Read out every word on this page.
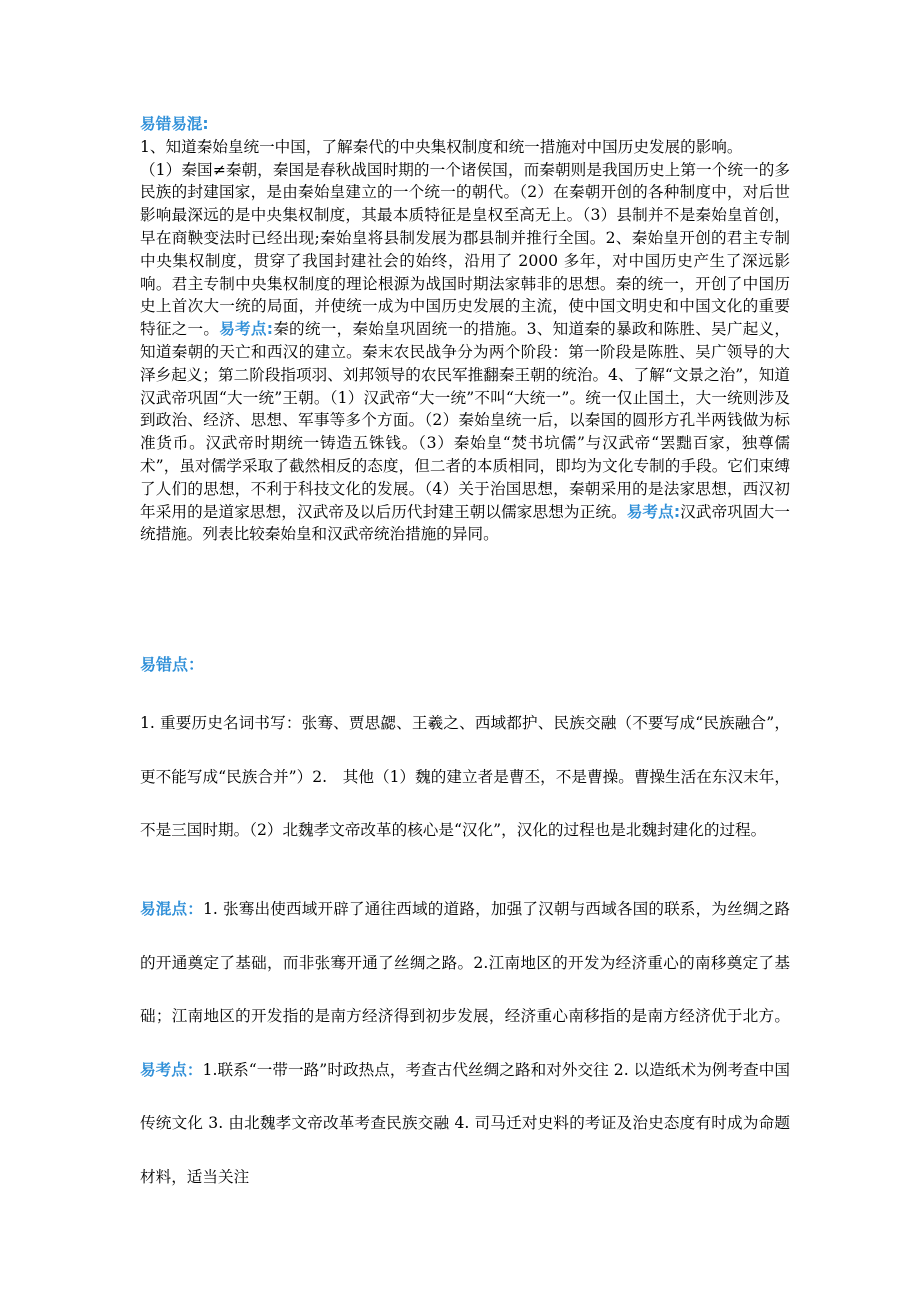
易错易混:

1、知道秦始皇统一中国，了解秦代的中央集权制度和统一措施对中国历史发展的影响。

（1）秦国≠秦朝，秦国是春秋战国时期的一个诸侯国，而秦朝则是我国历史上第一个统一的多民族的封建国家，是由秦始皇建立的一个统一的朝代。（2）在秦朝开创的各种制度中，对后世影响最深远的是中央集权制度，其最本质特征是皇权至高无上。（3）县制并不是秦始皇首创，早在商鞅变法时已经出现;秦始皇将县制发展为郡县制并推行全国。2、秦始皇开创的君主专制中央集权制度，贯穿了我国封建社会的始终，沿用了 2000 多年，对中国历史产生了深远影响。君主专制中央集权制度的理论根源为战国时期法家韩非的思想。秦的统一，开创了中国历史上首次大一统的局面，并使统一成为中国历史发展的主流，使中国文明史和中国文化的重要特征之一。易考点:秦的统一，秦始皇巩固统一的措施。3、知道秦的暴政和陈胜、吴广起义，知道秦朝的天亡和西汉的建立。秦末农民战争分为两个阶段：第一阶段是陈胜、吴广领导的大泽乡起义；第二阶段指项羽、刘邦领导的农民军推翻秦王朝的统治。4、了解“文景之治”，知道汉武帝巩固“大一统”王朝。（1）汉武帝“大一统”不叫“大统一”。统一仅止国土，大一统则涉及到政治、经济、思想、军事等多个方面。（2）秦始皇统一后，以秦国的圆形方孔半两钱做为标准货币。汉武帝时期统一铸造五铢钱。（3）秦始皇“焚书坑儒”与汉武帝“罢黜百家，独尊儒术”，虽对儒学采取了截然相反的态度，但二者的本质相同，即均为文化专制的手段。它们束缚了人们的思想，不利于科技文化的发展。（4）关于治国思想，秦朝采用的是法家思想，西汉初年采用的是道家思想，汉武帝及以后历代封建王朝以儒家思想为正统。易考点:汉武帝巩固大一统措施。列表比较秦始皇和汉武帝统治措施的异同。

易错点：

1. 重要历史名词书写：张骞、贾思勰、王羲之、西域都护、民族交融（不要写成“民族融合”，更不能写成“民族合并”）2.　其他（1）魏的建立者是曹丕，不是曹操。曹操生活在东汉末年，不是三国时期。（2）北魏孝文帝改革的核心是“汉化”，汉化的过程也是北魏封建化的过程。

易混点：1. 张骞出使西域开辟了通往西域的道路，加强了汉朝与西域各国的联系，为丝绸之路的开通奠定了基础，而非张骞开通了丝绸之路。2.江南地区的开发为经济重心的南移奠定了基础；江南地区的开发指的是南方经济得到初步发展，经济重心南移指的是南方经济优于北方。易考点：1.联系“一带一路”时政热点，考查古代丝绸之路和对外交往 2. 以造纸术为例考查中国传统文化 3. 由北魏孝文帝改革考查民族交融 4. 司马迁对史料的考证及治史态度有时成为命题材料，适当关注
